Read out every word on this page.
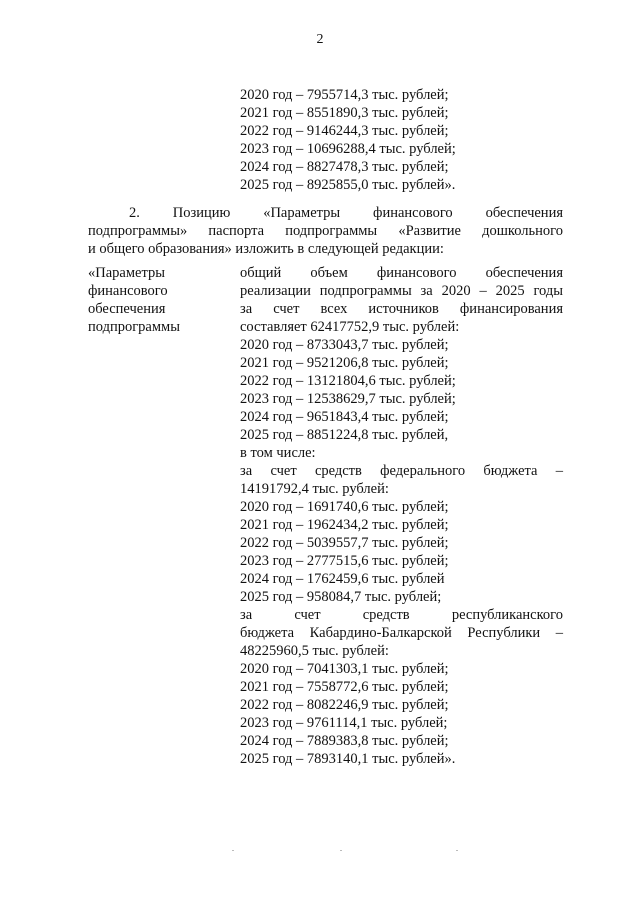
2
2020 год – 7955714,3 тыс. рублей;
2021 год – 8551890,3 тыс. рублей;
2022 год – 9146244,3 тыс. рублей;
2023 год – 10696288,4 тыс. рублей;
2024 год – 8827478,3 тыс. рублей;
2025 год – 8925855,0 тыс. рублей».
2. Позицию «Параметры финансового обеспечения
подпрограммы» паспорта подпрограммы «Развитие дошкольного
и общего образования» изложить в следующей редакции:
«Параметры
финансового
обеспечения
подпрограммы
общий объем финансового обеспечения
реализации подпрограммы за 2020 – 2025 годы
за счет всех источников финансирования
составляет 62417752,9 тыс. рублей:
2020 год – 8733043,7 тыс. рублей;
2021 год – 9521206,8 тыс. рублей;
2022 год – 13121804,6 тыс. рублей;
2023 год – 12538629,7 тыс. рублей;
2024 год – 9651843,4 тыс. рублей;
2025 год – 8851224,8 тыс. рублей,
в том числе:
за счет средств федерального бюджета –
14191792,4 тыс. рублей:
2020 год – 1691740,6 тыс. рублей;
2021 год – 1962434,2 тыс. рублей;
2022 год – 5039557,7 тыс. рублей;
2023 год – 2777515,6 тыс. рублей;
2024 год – 1762459,6 тыс. рублей
2025 год – 958084,7 тыс. рублей;
за счет средств республиканского
бюджета Кабардино-Балкарской Республики –
48225960,5 тыс. рублей:
2020 год – 7041303,1 тыс. рублей;
2021 год – 7558772,6 тыс. рублей;
2022 год – 8082246,9 тыс. рублей;
2023 год – 9761114,1 тыс. рублей;
2024 год – 7889383,8 тыс. рублей;
2025 год – 7893140,1 тыс. рублей».
